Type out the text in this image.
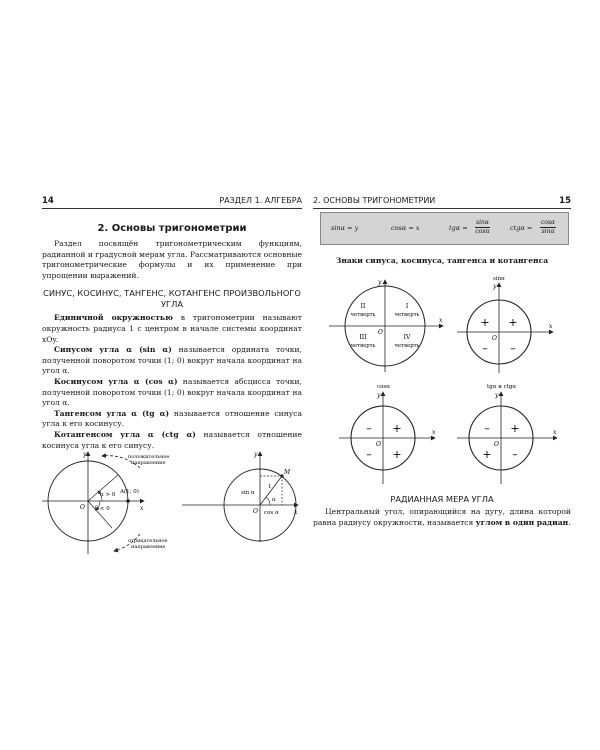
14	РАЗДЕЛ 1. АЛГЕБРА
2. Основы тригонометрии

Раздел посвящён тригонометрическим функциям, радианной и градусной мерам угла. Рассматриваются основные тригонометрические формулы и их применение при упрощении выражений.

СИНУС, КОСИНУС, ТАНГЕНС, КОТАНГЕНС ПРОИЗВОЛЬНОГО УГЛА

Единичной окружностью в тригонометрии называют окружность радиуса 1 с центром в начале системы координат xOy.

Синусом угла α (sin α) называется ордината точки, полученной поворотом точки (1; 0) вокруг начала координат на угол α.

Косинусом угла α (cos α) называется абсцисса точки, полученной поворотом точки (1; 0) вокруг начала координат на угол α.

Тангенсом угла α (tg α) называется отношение синуса угла к его косинусу.

Котангенсом угла α (ctg α) называется отношение косинуса угла к его синусу.

y
x
O
положительное
направление
α > 0
β < 0
A(1; 0)
отрицательное
направление
y
x
O
M
1
α
sin α
cos α
2. ОСНОВЫ ТРИГОНОМЕТРИИ	15
sinα = y	cosα = x	$tg\alpha = \frac{\sin\alpha}{\cos\alpha}$	$ctg\alpha = \frac{\cos\alpha}{\sin\alpha}$
Знаки синуса, косинуса, тангенса и котангенса
y
x
O
II
четверть
I
четверть
III
четверть
IV
четверть
sinα
y
x
O
+ +
– –
cosα
y
x
O
– +
– +
tgα и ctgα
y
x
O
– +
+ –
РАДИАННАЯ МЕРА УГЛА

Центральный угол, опирающийся на дугу, длина которой равна радиусу окружности, называется углом в один радиан.
